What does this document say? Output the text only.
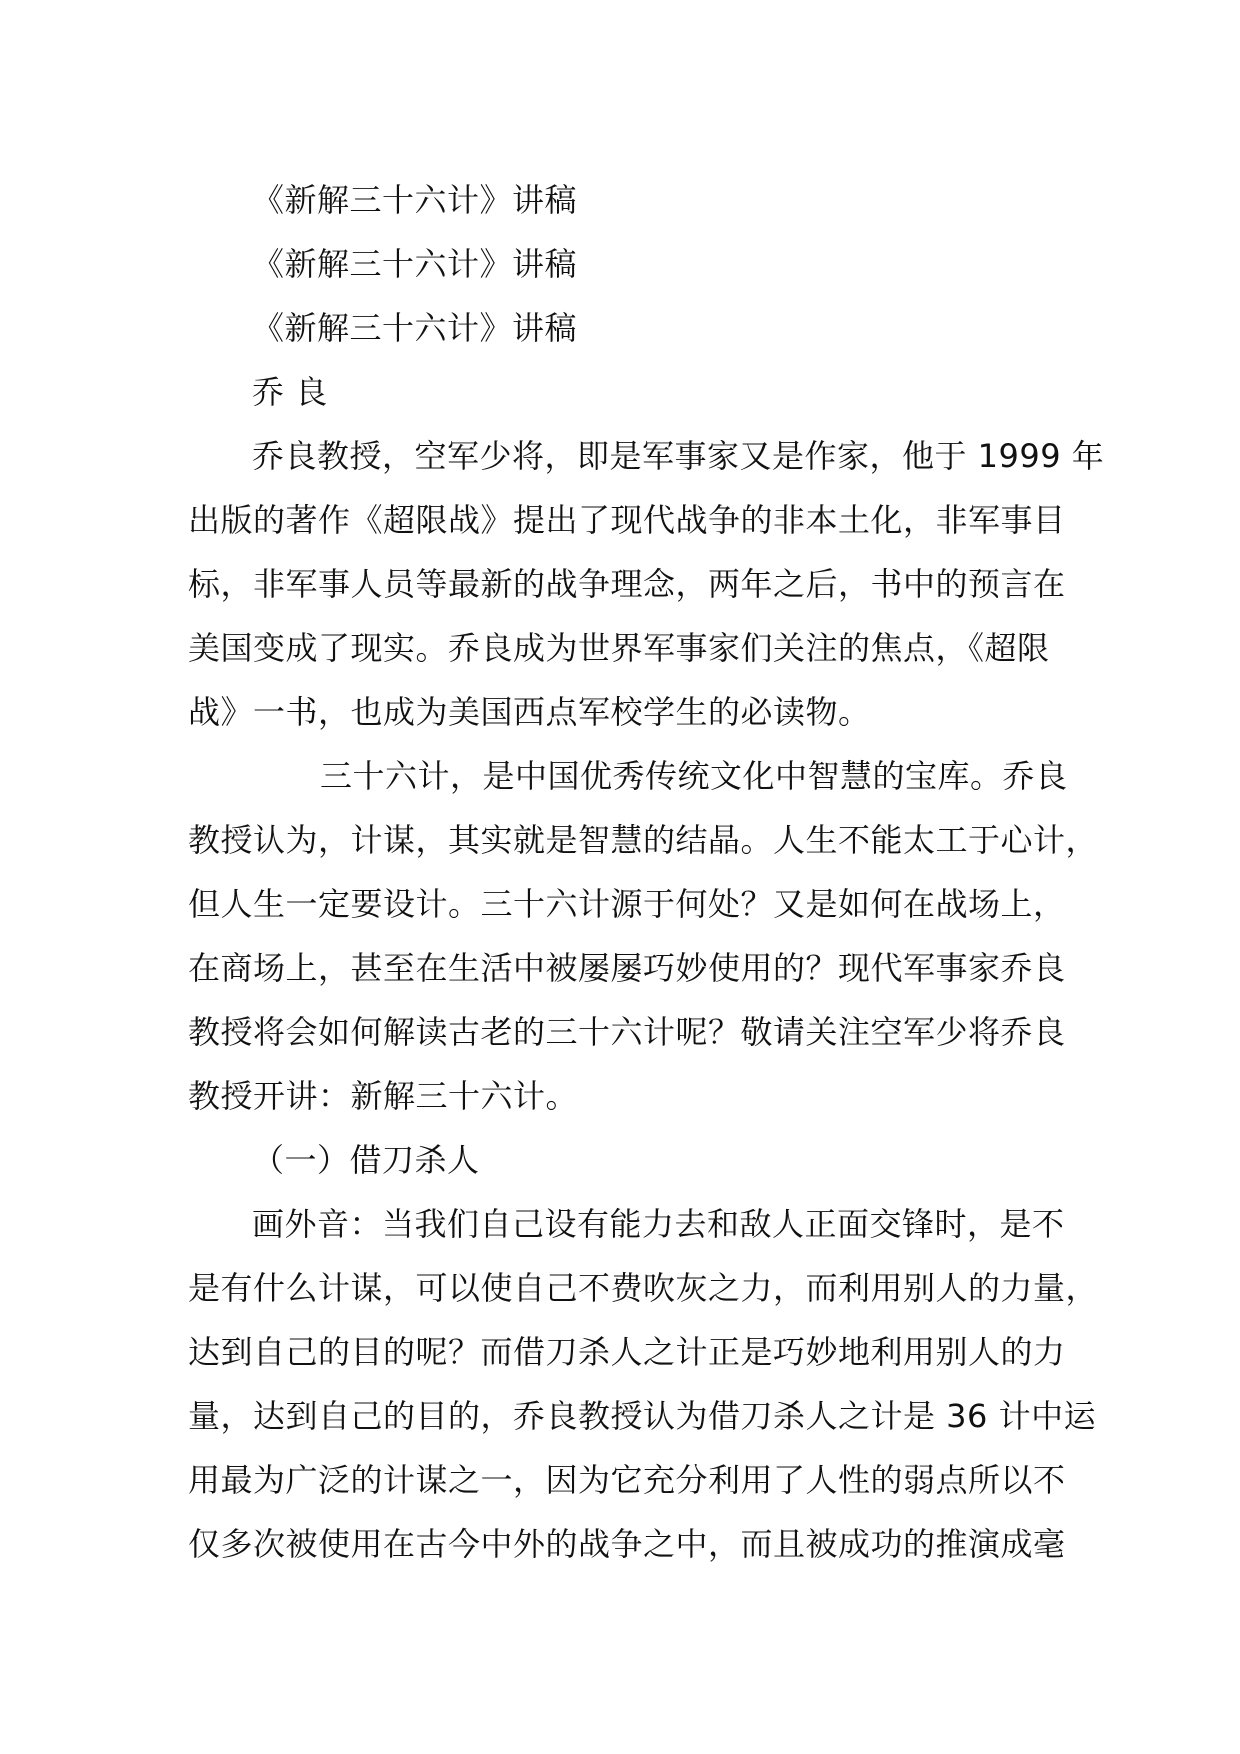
《新解三十六计》讲稿
《新解三十六计》讲稿
《新解三十六计》讲稿
乔 良
乔良教授，空军少将，即是军事家又是作家，他于 1999 年
出版的著作《超限战》提出了现代战争的非本土化，非军事目
标，非军事人员等最新的战争理念，两年之后，书中的预言在
美国变成了现实。乔良成为世界军事家们关注的焦点，《超限
战》一书，也成为美国西点军校学生的必读物。
三十六计，是中国优秀传统文化中智慧的宝库。乔良
教授认为，计谋，其实就是智慧的结晶。人生不能太工于心计，
但人生一定要设计。三十六计源于何处？又是如何在战场上，
在商场上，甚至在生活中被屡屡巧妙使用的？现代军事家乔良
教授将会如何解读古老的三十六计呢？敬请关注空军少将乔良
教授开讲：新解三十六计。
（一）借刀杀人
画外音：当我们自己设有能力去和敌人正面交锋时，是不
是有什么计谋，可以使自己不费吹灰之力，而利用别人的力量，
达到自己的目的呢？而借刀杀人之计正是巧妙地利用别人的力
量，达到自己的目的，乔良教授认为借刀杀人之计是 36 计中运
用最为广泛的计谋之一，因为它充分利用了人性的弱点所以不
仅多次被使用在古今中外的战争之中，而且被成功的推演成毫
